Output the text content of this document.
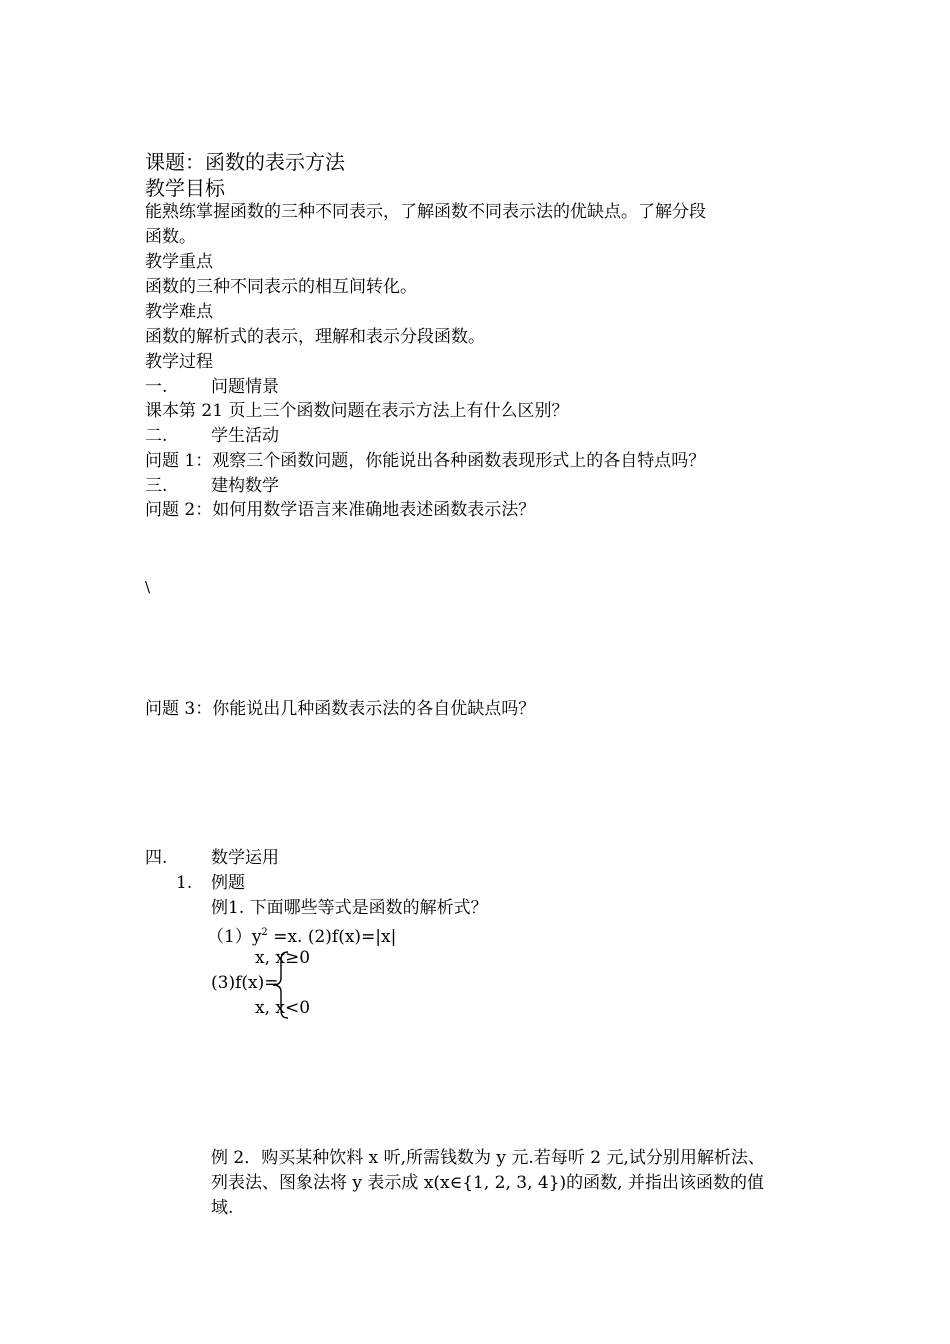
课题：函数的表示方法
教学目标
能熟练掌握函数的三种不同表示，了解函数不同表示法的优缺点。了解分段
函数。
教学重点
函数的三种不同表示的相互间转化。
教学难点
函数的解析式的表示，理解和表示分段函数。
教学过程
一.	问题情景
课本第 21 页上三个函数问题在表示方法上有什么区别？
二.	学生活动
问题 1：观察三个函数问题，你能说出各种函数表现形式上的各自特点吗？
三.	建构数学
问题 2：如何用数学语言来准确地表述函数表示法？
\
问题 3：你能说出几种函数表示法的各自优缺点吗？
四.	数学运用
1. 例题
例1. 下面哪些等式是函数的解析式？
$(1)y^2 =x$. (2)f(x)=|x|
x, x≥0
(3)f(x)=
x, x<0
例 2．购买某种饮料 x 听,所需钱数为 y 元.若每听 2 元,试分别用解析法、
列表法、图象法将 y 表示成 x(x∈{1, 2, 3, 4})的函数, 并指出该函数的值
域.
